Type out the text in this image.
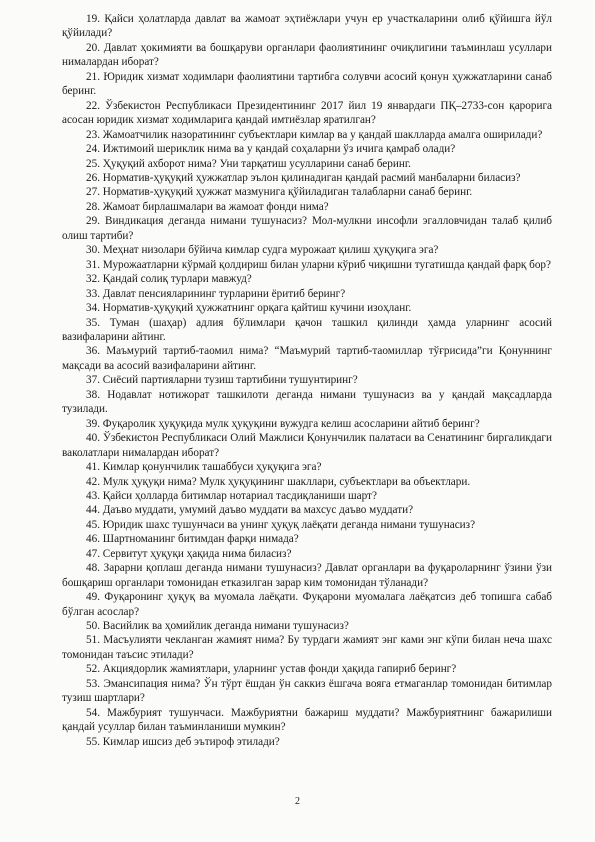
19. Қайси ҳолатларда давлат ва жамоат эҳтиёжлари учун ер участкаларини олиб қўйишга йўл қўйилади?

20. Давлат ҳокимияти ва бошқаруви органлари фаолиятининг очиқлигини таъминлаш усуллари нималардан иборат?

21. Юридик хизмат ходимлари фаолиятини тартибга солувчи асосий қонун ҳужжатларини санаб беринг.

22. Ўзбекистон Республикаси Президентининг 2017 йил 19 январдаги ПҚ–2733-сон қарорига асосан юридик хизмат ходимларига қандай имтиёзлар яратилган?

23. Жамоатчилик назоратининг субъектлари кимлар ва у қандай шаклларда амалга оширилади?

24. Ижтимоий шериклик нима ва у қандай соҳаларни ўз ичига қамраб олади?

25. Ҳуқуқий ахборот нима? Уни тарқатиш усулларини санаб беринг.

26. Норматив-ҳуқуқий ҳужжатлар эълон қилинадиган қандай расмий манбаларни биласиз?

27. Норматив-ҳуқуқий ҳужжат мазмунига қўйиладиган талабларни санаб беринг.

28. Жамоат бирлашмалари ва жамоат фонди нима?

29. Виндикация деганда нимани тушунасиз? Мол-мулкни инсофли эгалловчидан талаб қилиб олиш тартиби?

30. Меҳнат низолари бўйича кимлар судга мурожаат қилиш ҳуқуқига эга?

31. Мурожаатларни кўрмай қолдириш билан уларни кўриб чиқишни тугатишда қандай фарқ бор?

32. Қандай солиқ турлари мавжуд?

33. Давлат пенсияларининг турларини ёритиб беринг?

34. Норматив-ҳуқуқий ҳужжатнинг орқага қайтиш кучини изоҳланг.

35. Туман (шаҳар) адлия бўлимлари қачон ташкил қилинди ҳамда уларнинг асосий вазифаларини айтинг.

36. Маъмурий тартиб-таомил нима? “Маъмурий тартиб-таомиллар тўғрисида”ги Қонуннинг мақсади ва асосий вазифаларини айтинг.

37. Сиёсий партияларни тузиш тартибини тушунтиринг?

38. Нодавлат нотижорат ташкилоти деганда нимани тушунасиз ва у қандай мақсадларда тузилади.

39. Фуқаролик ҳуқуқида мулк ҳуқуқини вужудга келиш асосларини айтиб беринг?

40. Ўзбекистон Республикаси Олий Мажлиси Қонунчилик палатаси ва Сенатининг биргаликдаги ваколатлари нималардан иборат?

41. Кимлар қонунчилик ташаббуси ҳуқуқига эга?

42. Мулк ҳуқуқи нима? Мулк ҳуқуқининг шакллари, субъектлари ва объектлари.

43. Қайси ҳолларда битимлар нотариал тасдиқланиши шарт?

44. Даъво муддати, умумий даъво муддати ва махсус даъво муддати?

45. Юридик шахс тушунчаси ва унинг ҳуқуқ лаёқати деганда нимани тушунасиз?

46. Шартноманинг битимдан фарқи нимада?

47. Сервитут ҳуқуқи ҳақида нима биласиз?

48. Зарарни қоплаш деганда нимани тушунасиз? Давлат органлари ва фуқароларнинг ўзини ўзи бошқариш органлари томонидан етказилган зарар ким томонидан тўланади?

49. Фуқаронинг ҳуқуқ ва муомала лаёқати. Фуқарони муомалага лаёқатсиз деб топишга сабаб бўлган асослар?

50. Васийлик ва ҳомийлик деганда нимани тушунасиз?

51. Масъулияти чекланган жамият нима? Бу турдаги жамият энг ками энг кўпи билан неча шахс томонидан таъсис этилади?

52. Акциядорлик жамиятлари, уларнинг устав фонди ҳақида гапириб беринг?

53. Эмансипация нима? Ўн тўрт ёшдан ўн саккиз ёшгача вояга етмаганлар томонидан битимлар тузиш шартлари?

54. Мажбурият тушунчаси. Мажбуриятни бажариш муддати? Мажбуриятнинг бажарилиши қандай усуллар билан таъминланиши мумкин?

55. Кимлар ишсиз деб эътироф этилади?

2
